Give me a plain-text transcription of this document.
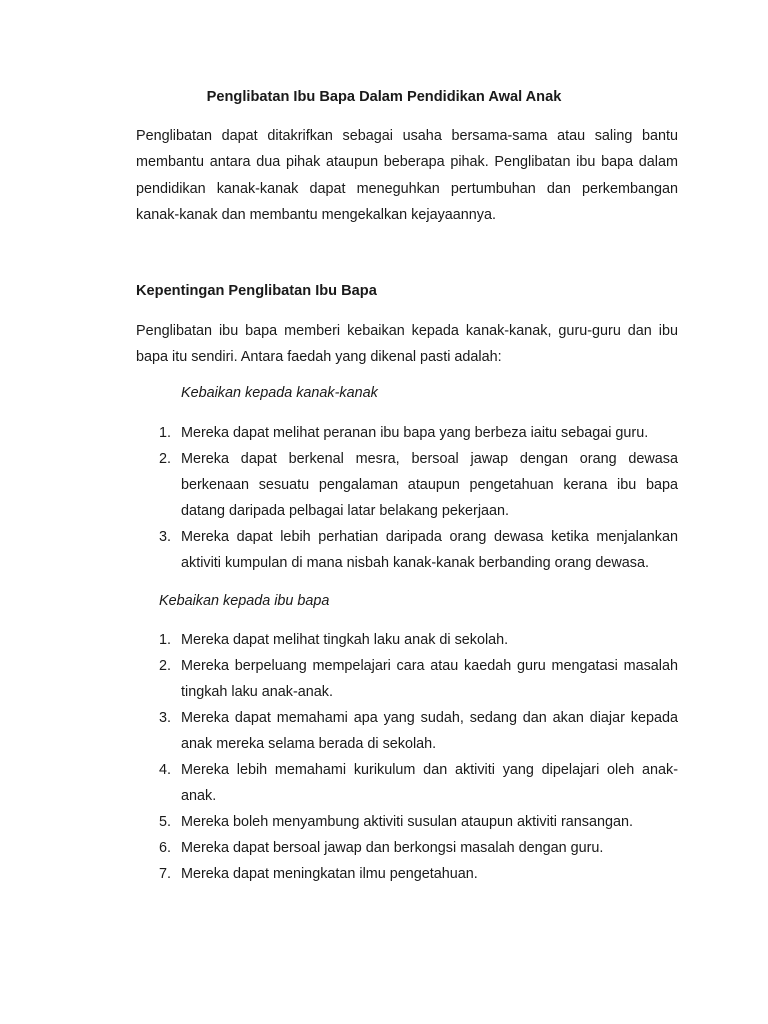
Penglibatan Ibu Bapa Dalam Pendidikan Awal Anak

Penglibatan dapat ditakrifkan sebagai usaha bersama-sama atau saling bantu membantu antara dua pihak ataupun beberapa pihak. Penglibatan ibu bapa dalam pendidikan kanak-kanak dapat meneguhkan pertumbuhan dan perkembangan kanak-kanak dan membantu mengekalkan kejayaannya.

Kepentingan Penglibatan Ibu Bapa

Penglibatan ibu bapa memberi kebaikan kepada kanak-kanak, guru-guru dan ibu bapa itu sendiri. Antara faedah yang dikenal pasti adalah:

Kebaikan kepada kanak-kanak

1. Mereka dapat melihat peranan ibu bapa yang berbeza iaitu sebagai guru.
2. Mereka dapat berkenal mesra, bersoal jawap dengan orang dewasa berkenaan sesuatu pengalaman ataupun pengetahuan kerana ibu bapa datang daripada pelbagai latar belakang pekerjaan.
3. Mereka dapat lebih perhatian daripada orang dewasa ketika menjalankan aktiviti kumpulan di mana nisbah kanak-kanak berbanding orang dewasa.

Kebaikan kepada ibu bapa

1. Mereka dapat melihat tingkah laku anak di sekolah.
2. Mereka berpeluang mempelajari cara atau kaedah guru mengatasi masalah tingkah laku anak-anak.
3. Mereka dapat memahami apa yang sudah, sedang dan akan diajar kepada anak mereka selama berada di sekolah.
4. Mereka lebih memahami kurikulum dan aktiviti yang dipelajari oleh anak-anak.
5. Mereka boleh menyambung aktiviti susulan ataupun aktiviti ransangan.
6. Mereka dapat bersoal jawap dan berkongsi masalah dengan guru.
7. Mereka dapat meningkatan ilmu pengetahuan.
